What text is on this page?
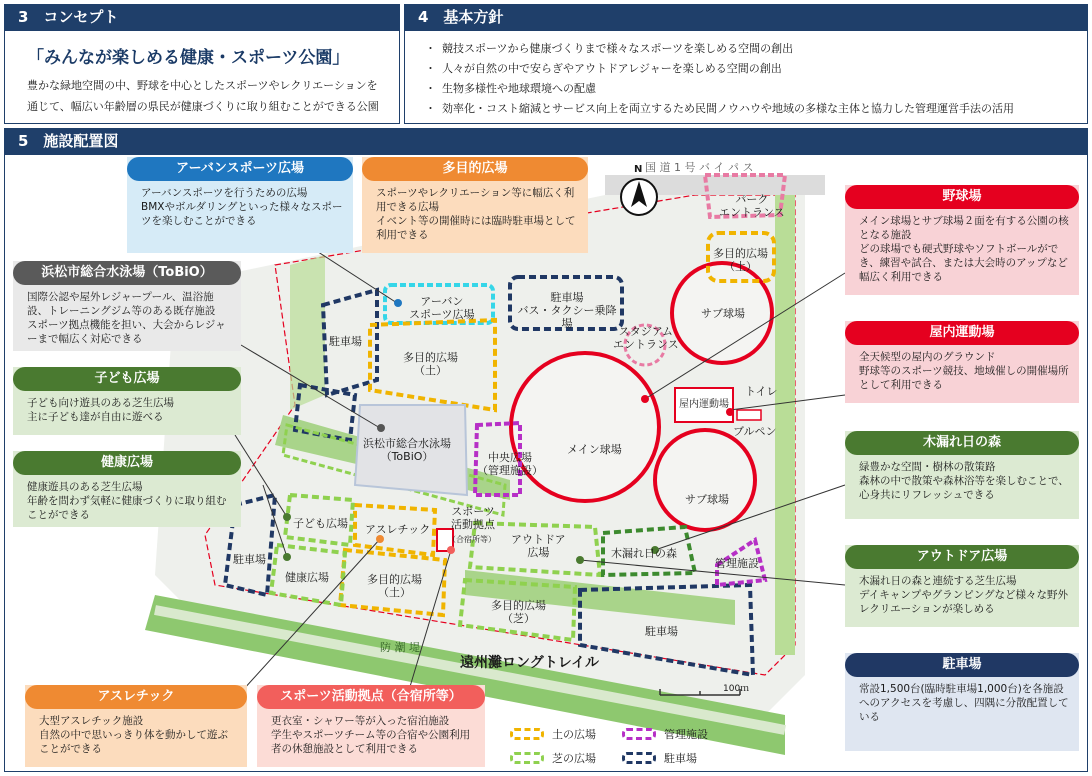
3　コンセプト
「みんなが楽しめる健康・スポーツ公園」
豊かな緑地空間の中、野球を中心としたスポーツやレクリエーションを通じて、幅広い年齢層の県民が健康づくりに取り組むことができる公園
4　基本方針
・ 競技スポーツから健康づくりまで様々なスポーツを楽しめる空間の創出
・ 人々が自然の中で安らぎやアウトドアレジャーを楽しめる空間の創出
・ 生物多様性や地球環境への配慮
・ 効率化・コスト縮減とサービス向上を両立するため民間ノウハウや地域の多様な主体と協力した管理運営手法の活用
5　施設配置図
アーバン
スポーツ広場
駐車場
バス・タクシー乗降場
パーク
エントランス
多目的広場
（土）
駐車場
多目的広場
（土）
スタジアム
エントランス
サブ球場
屋内運動場
トイレ
ブルペン
浜松市総合水泳場
（ToBiO）	中央広場
（管理施設）
メイン球場
サブ球場
子ども広場 アスレチック
スポーツ
活動拠点
（合宿所等） アウトドア
広場	木漏れ日の森
管理施設
駐車場
健康広場	多目的広場
（土）
多目的広場
（芝）
駐車場
国 道 1 号 バ イ パ ス
防 潮 堤
遠州灘ロングトレイル
N
100ｍ
アーバンスポーツ広場
アーバンスポーツを行うための広場
BMXやボルダリングといった様々なスポーツを楽しむことができる
多目的広場
スポーツやレクリエーション等に幅広く利用できる広場
イベント等の開催時には臨時駐車場として利用できる
浜松市総合水泳場（ToBiO）
国際公認や屋外レジャープール、温浴施設、トレーニングジム等のある既存施設
スポーツ拠点機能を担い、大会からレジャーまで幅広く対応できる
子ども広場
子ども向け遊具のある芝生広場
主に子ども達が自由に遊べる
健康広場
健康遊具のある芝生広場
年齢を問わず気軽に健康づくりに取り組むことができる
アスレチック
大型アスレチック施設
自然の中で思いっきり体を動かして遊ぶことができる
スポーツ活動拠点（合宿所等）
更衣室・シャワー等が入った宿泊施設
学生やスポーツチーム等の合宿や公園利用者の休憩施設として利用できる
野球場
メイン球場とサブ球場２面を有する公園の核となる施設
どの球場でも硬式野球やソフトボールができ、練習や試合、または大会時のアップなど幅広く利用できる
屋内運動場
全天候型の屋内のグラウンド
野球等のスポーツ競技、地域催しの開催場所として利用できる
木漏れ日の森
緑豊かな空間・樹林の散策路
森林の中で散策や森林浴等を楽しむことで、心身共にリフレッシュできる
アウトドア広場
木漏れ日の森と連続する芝生広場
デイキャンプやグランピングなど様々な野外レクリエーションが楽しめる
駐車場
常設1,500台(臨時駐車場1,000台)を各施設へのアクセスを考慮し、四隅に分散配置している
土の広場
芝の広場
管理施設
駐車場
